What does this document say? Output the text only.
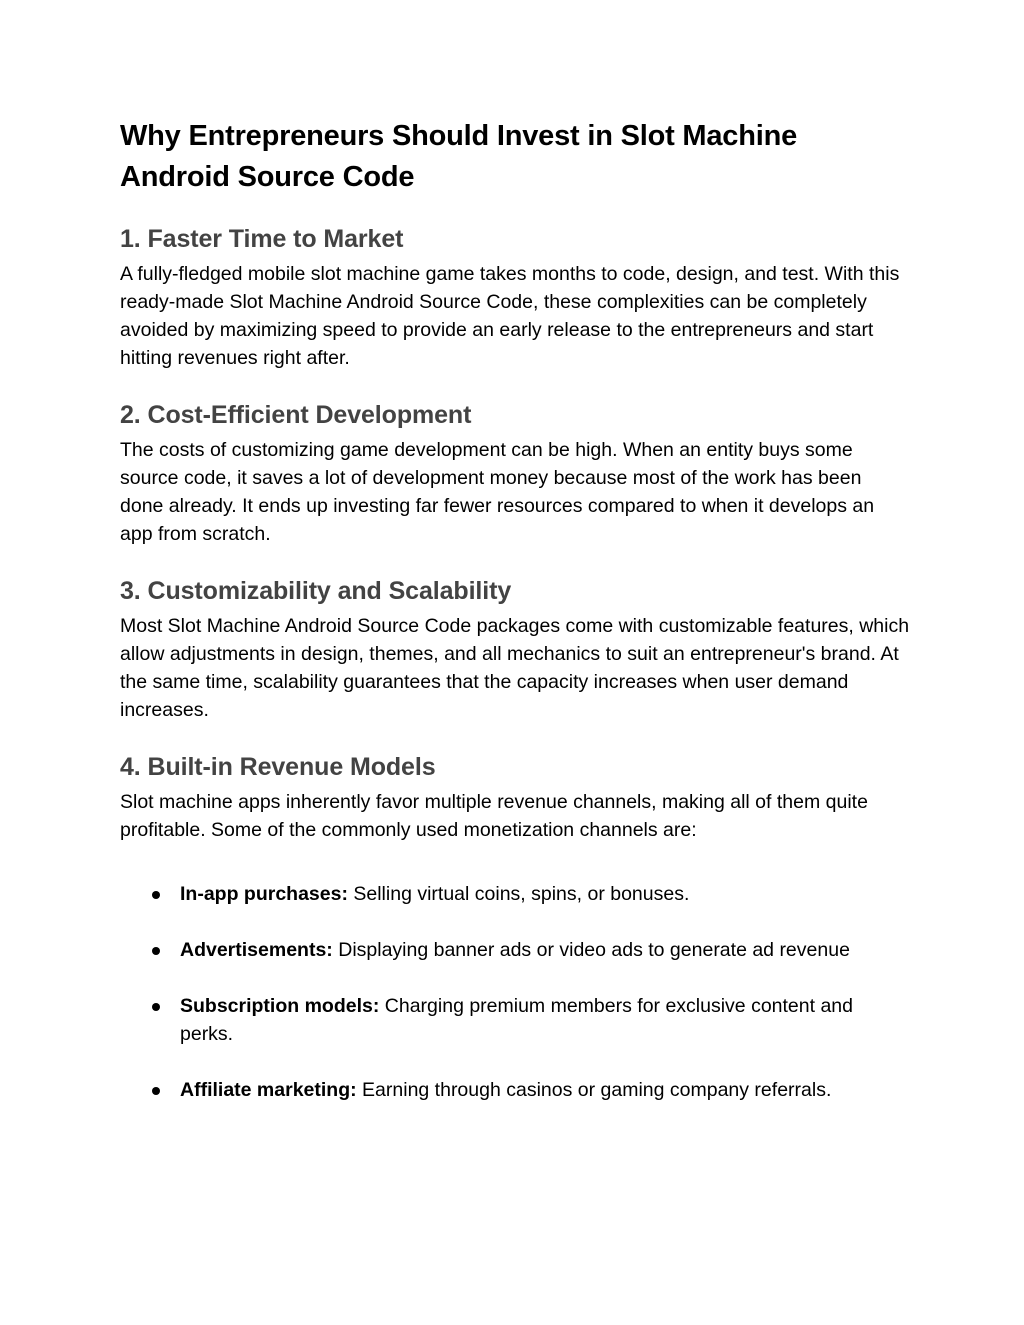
Why Entrepreneurs Should Invest in Slot Machine Android Source Code
1. Faster Time to Market

A fully-fledged mobile slot machine game takes months to code, design, and test. With this ready-made Slot Machine Android Source Code, these complexities can be completely avoided by maximizing speed to provide an early release to the entrepreneurs and start hitting revenues right after.

2. Cost-Efficient Development

The costs of customizing game development can be high. When an entity buys some source code, it saves a lot of development money because most of the work has been done already. It ends up investing far fewer resources compared to when it develops an app from scratch.

3. Customizability and Scalability

Most Slot Machine Android Source Code packages come with customizable features, which allow adjustments in design, themes, and all mechanics to suit an entrepreneur's brand. At the same time, scalability guarantees that the capacity increases when user demand increases.

4. Built-in Revenue Models

Slot machine apps inherently favor multiple revenue channels, making all of them quite profitable. Some of the commonly used monetization channels are:

In-app purchases: Selling virtual coins, spins, or bonuses.
Advertisements: Displaying banner ads or video ads to generate ad revenue
Subscription models: Charging premium members for exclusive content and perks.
Affiliate marketing: Earning through casinos or gaming company referrals.
